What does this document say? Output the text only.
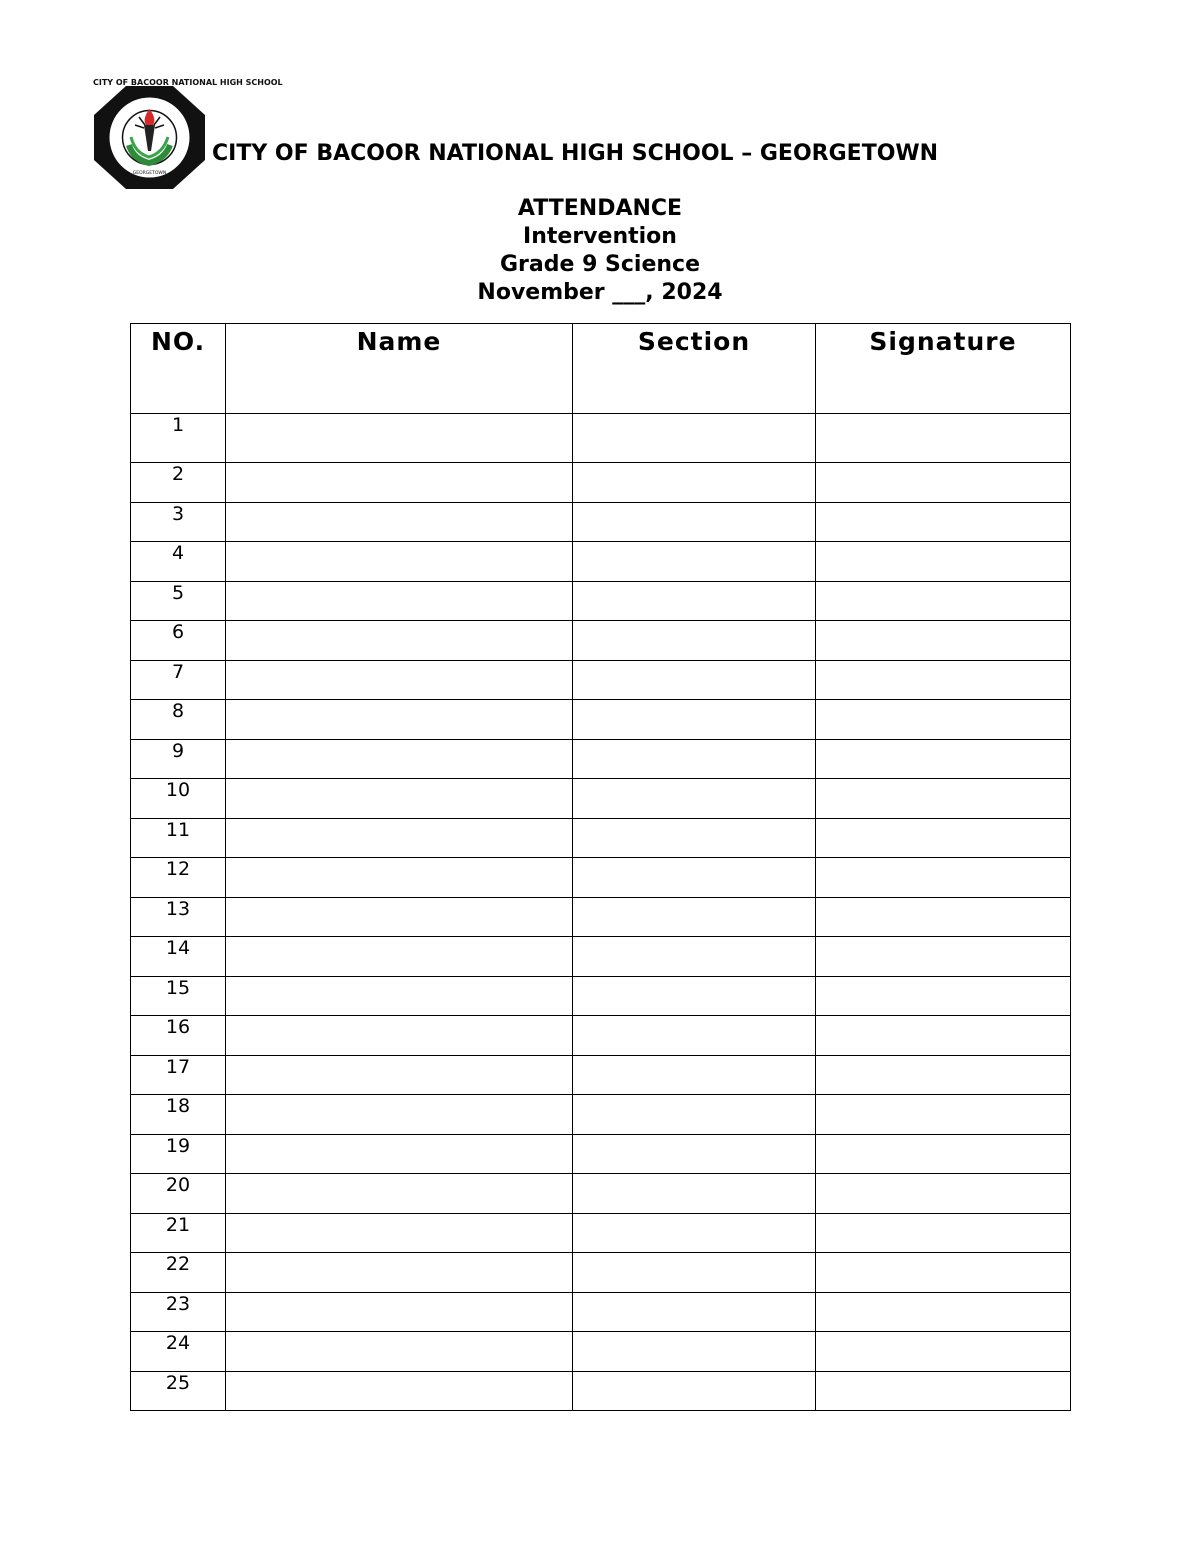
CITY OF BACOOR NATIONAL HIGH SCHOOL
GEORGETOWN
CITY OF BACOOR NATIONAL HIGH SCHOOL – GEORGETOWN
ATTENDANCE
Intervention
Grade 9 Science
November ___, 2024
NO.	Name	Section	Signature
1			
2			
3			
4			
5			
6			
7			
8			
9			
10			
11			
12			
13			
14			
15			
16			
17			
18			
19			
20			
21			
22			
23			
24			
25			
